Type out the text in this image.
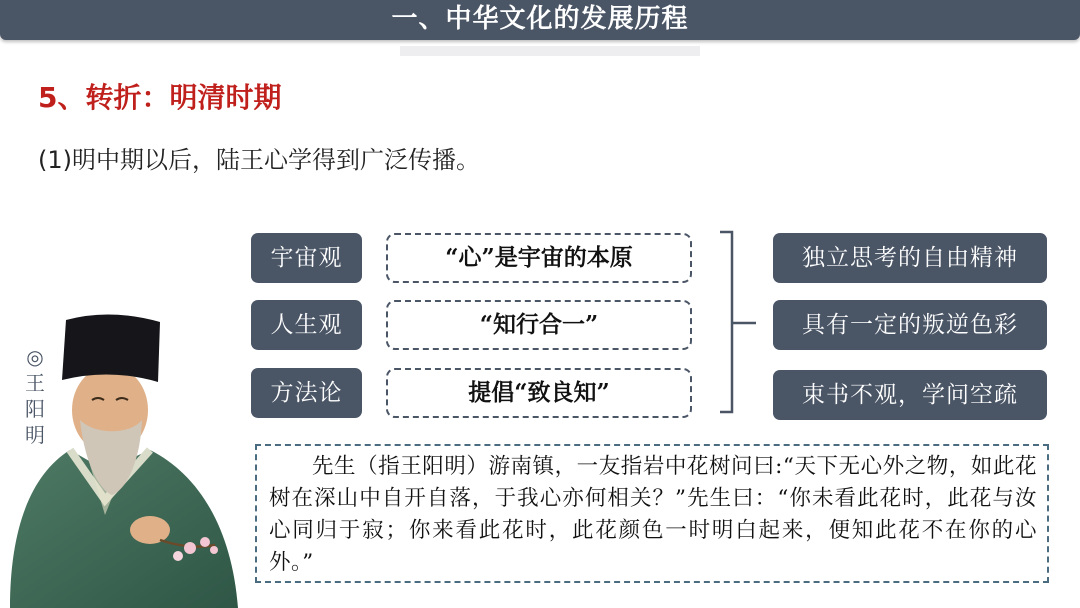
一、中华文化的发展历程
5、转折：明清时期
(1)明中期以后，陆王心学得到广泛传播。
宇宙观	“心”是宇宙的本原	独立思考的自由精神
人生观	“知行合一”	具有一定的叛逆色彩
方法论	提倡“致良知”	束书不观，学问空疏
◎
王
阳
明

先生（指王阳明）游南镇，一友指岩中花树问曰:“天下无心外之物，如此花树在深山中自开自落，于我心亦何相关？”先生曰：“你未看此花时，此花与汝心同归于寂；你来看此花时，此花颜色一时明白起来，便知此花不在你的心外。”
